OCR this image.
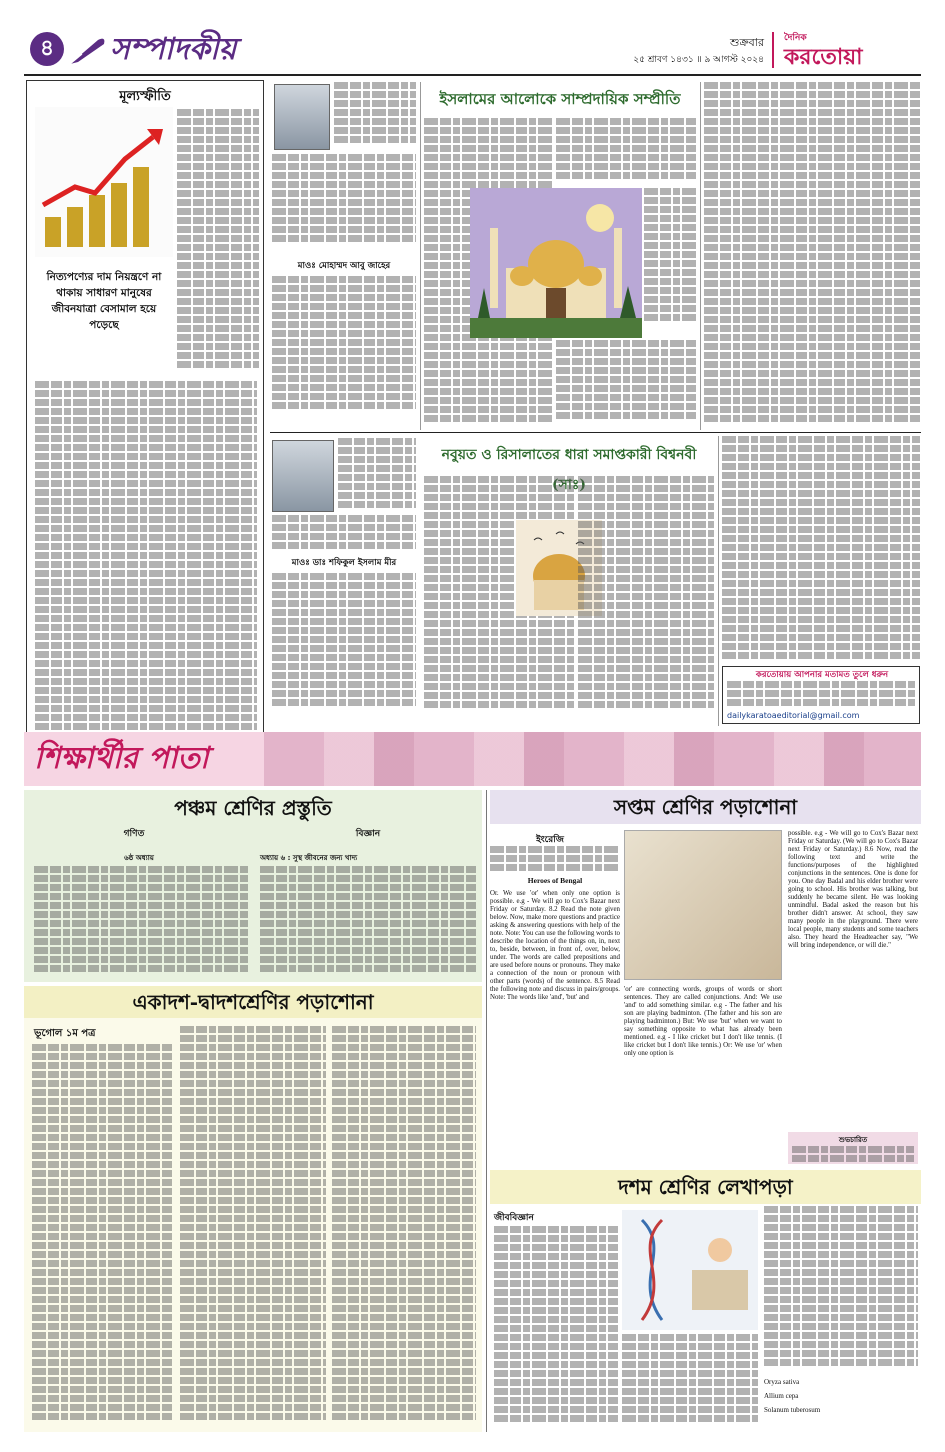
৪	সম্পাদকীয়	শুক্রবার
২৫ শ্রাবণ ১৪৩১ ॥ ৯ আগস্ট ২০২৪
দৈনিক
করতোয়া
মূল্যস্ফীতি
নিত্যপণ্যের দাম নিয়ন্ত্রণে না থাকায় সাধারণ মানুষের জীবনযাত্রা বেসামাল হয়ে পড়েছে
মাওঃ মোহাম্মদ আবু জাহের
ইসলামের আলোকে সাম্প্রদায়িক সম্প্রীতি
মাওঃ ডাঃ শফিকুল ইসলাম মীর
নবুয়ত ও রিসালাতের ধারা সমাপ্তকারী বিশ্বনবী (সাঃ)
করতোয়ায় আপনার মতামত তুলে ধরুন
dailykaratoaeditorial@gmail.com
শিক্ষার্থীর পাতা
পঞ্চম শ্রেণির প্রস্তুতি
গণিত	বিজ্ঞান
৬ষ্ঠ অধ্যায়	অধ্যায় ৬ : সুস্থ জীবনের জন্য খাদ্য
একাদশ-দ্বাদশশ্রেণির পড়াশোনা
ভূগোল ১ম পত্র
সপ্তম শ্রেণির পড়াশোনা
ইংরেজি
Heroes of Bengal
Or. We use 'or' when only one option is possible. e.g - We will go to Cox's Bazar next Friday or Saturday. 8.2 Read the note given below. Now, make more questions and practice asking & answering questions with help of the note. Note: You can use the following words to describe the location of the things on, in, next to, beside, between, in front of, over, below, under. The words are called prepositions and are used before nouns or pronouns. They make a connection of the noun or pronoun with other parts (words) of the sentence. 8.5 Read the following note and discuss in pairs/groups. Note: The words like 'and', 'but' and
'or' are connecting words, groups of words or short sentences. They are called conjunctions. And: We use 'and' to add something similar. e.g - The father and his son are playing badminton. (The father and his son are playing badminton.) But: We use 'but' when we want to say something opposite to what has already been mentioned. e.g - I like cricket but I don't like tennis. (I like cricket but I don't like tennis.) Or: We use 'or' when only one option is
possible. e.g - We will go to Cox's Bazar next Friday or Saturday. (We will go to Cox's Bazar next Friday or Saturday.) 8.6 Now, read the following text and write the functions/purposes of the highlighted conjunctions in the sentences. One is done for you. One day Badal and his elder brother were going to school. His brother was talking, but suddenly he became silent. He was looking unmindful. Badal asked the reason but his brother didn't answer. At school, they saw many people in the playground. There were local people, many students and some teachers also. They heard the Headteacher say, "We will bring independence, or will die."
শুভচারিত
দশম শ্রেণির লেখাপড়া
জীববিজ্ঞান
Oryza sativa
Allium cepa
Solanum tuberosum
